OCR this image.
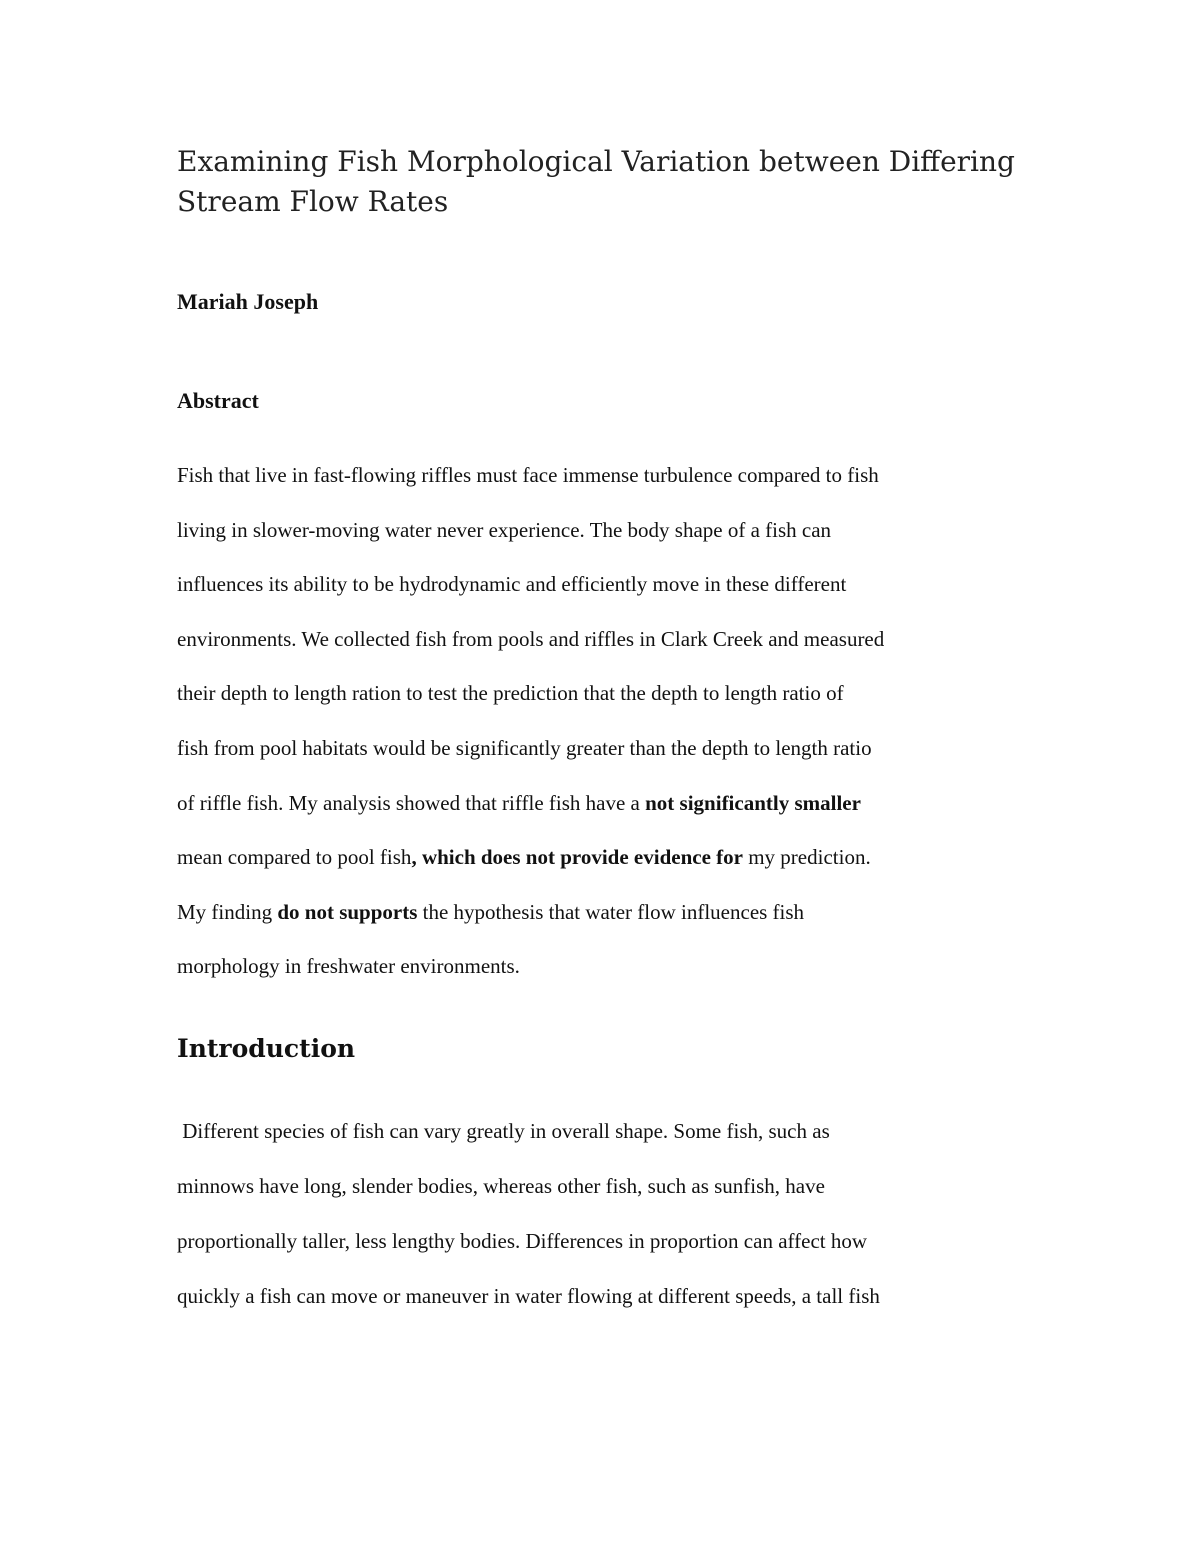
Examining Fish Morphological Variation between Differing
Stream Flow Rates

Mariah Joseph

Abstract
Fish that live in fast-flowing riffles must face immense turbulence compared to fish
living in slower-moving water never experience. The body shape of a fish can
influences its ability to be hydrodynamic and efficiently move in these different
environments. We collected fish from pools and riffles in Clark Creek and measured
their depth to length ration to test the prediction that the depth to length ratio of
fish from pool habitats would be significantly greater than the depth to length ratio
of riffle fish. My analysis showed that riffle fish have a not significantly smaller
mean compared to pool fish, which does not provide evidence for my prediction.
My finding do not supports the hypothesis that water flow influences fish
morphology in freshwater environments.
Introduction
Different species of fish can vary greatly in overall shape. Some fish, such as
minnows have long, slender bodies, whereas other fish, such as sunfish, have
proportionally taller, less lengthy bodies. Differences in proportion can affect how
quickly a fish can move or maneuver in water flowing at different speeds, a tall fish
